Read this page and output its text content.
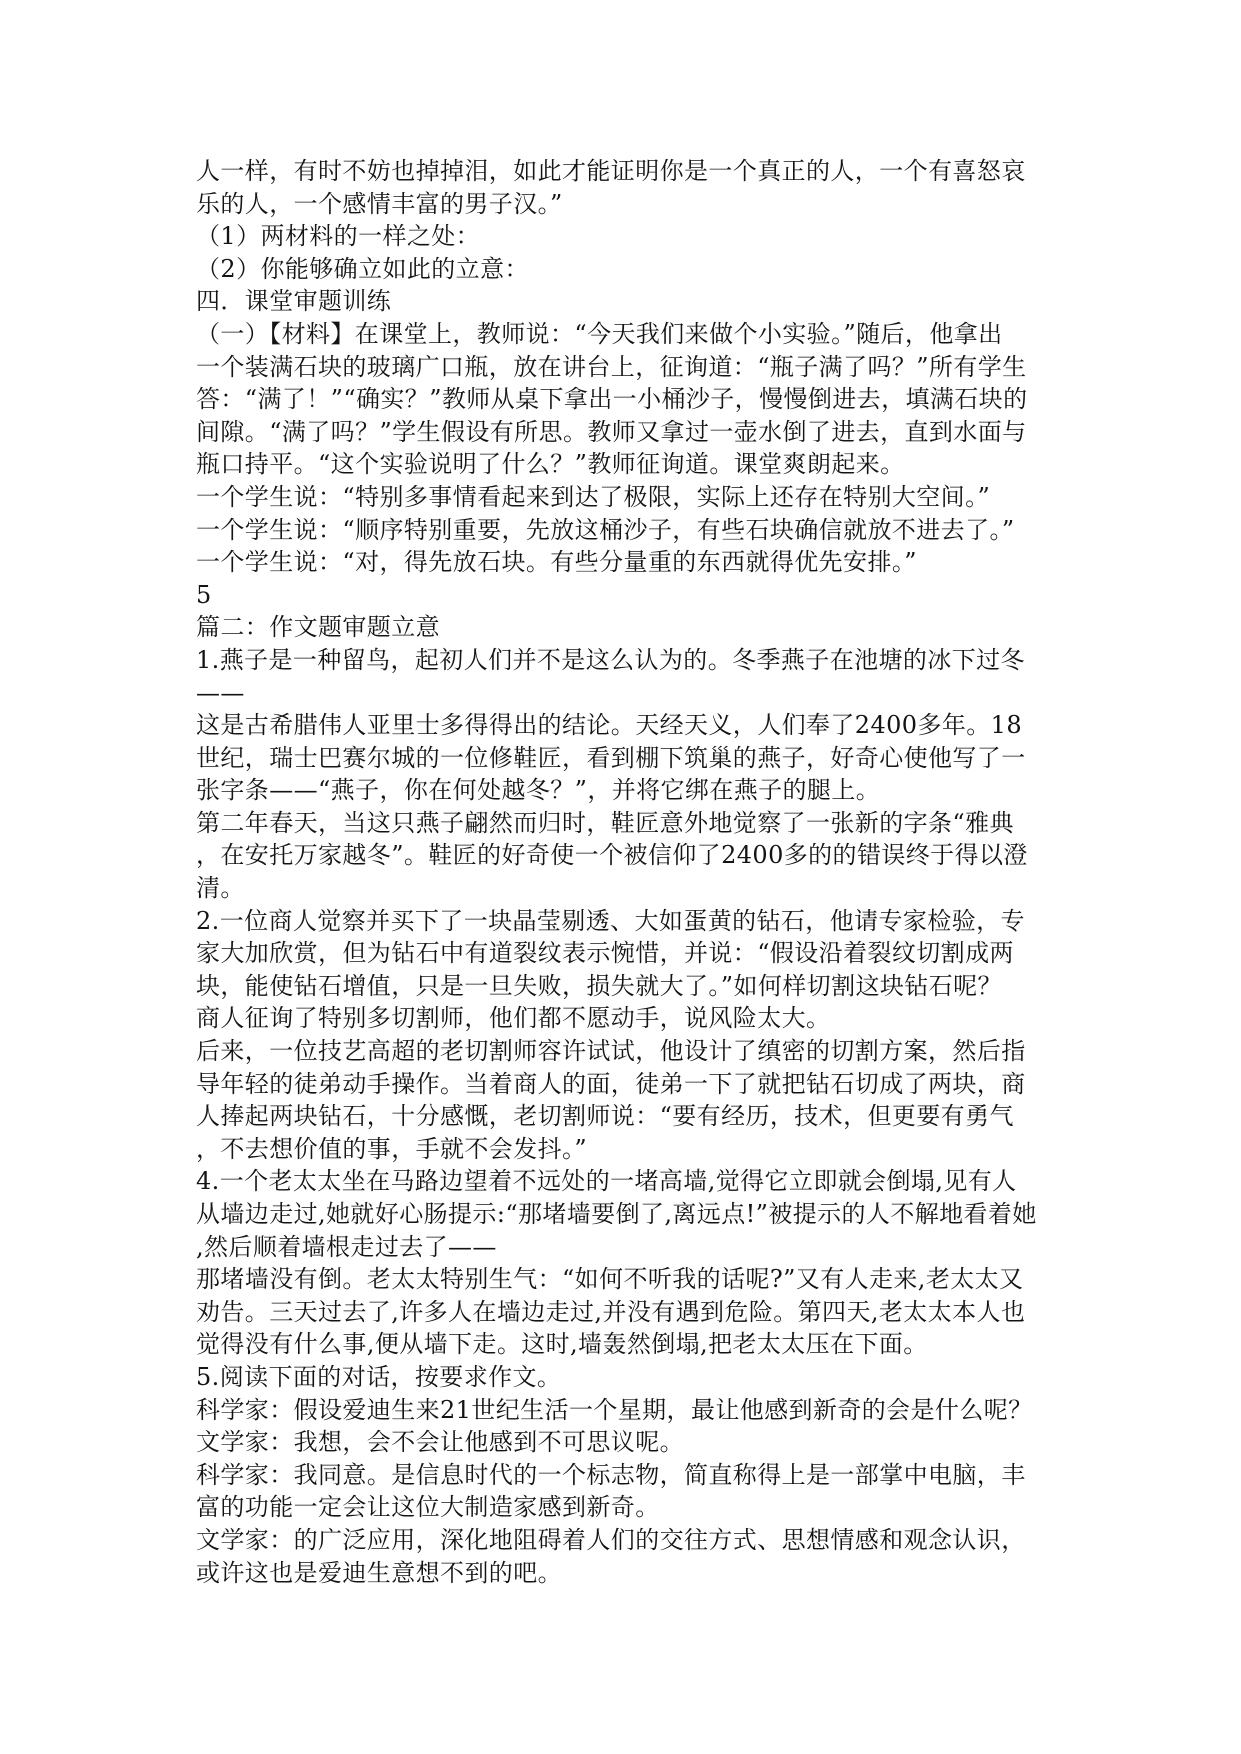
人一样，有时不妨也掉掉泪，如此才能证明你是一个真正的人，一个有喜怒哀
乐的人，一个感情丰富的男子汉。”
（1）两材料的一样之处：
（2）你能够确立如此的立意：
四．课堂审题训练
（一）【材料】在课堂上，教师说：“今天我们来做个小实验。”随后，他拿出
一个装满石块的玻璃广口瓶，放在讲台上，征询道：“瓶子满了吗？”所有学生
答：“满了！”“确实？”教师从桌下拿出一小桶沙子，慢慢倒进去，填满石块的
间隙。“满了吗？”学生假设有所思。教师又拿过一壶水倒了进去，直到水面与
瓶口持平。“这个实验说明了什么？”教师征询道。课堂爽朗起来。
一个学生说：“特别多事情看起来到达了极限，实际上还存在特别大空间。”
一个学生说：“顺序特别重要，先放这桶沙子，有些石块确信就放不进去了。”
一个学生说：“对，得先放石块。有些分量重的东西就得优先安排。”
5
篇二：作文题审题立意
1.燕子是一种留鸟，起初人们并不是这么认为的。冬季燕子在池塘的冰下过冬
——
这是古希腊伟人亚里士多得得出的结论。天经天义，人们奉了2400多年。18
世纪，瑞士巴赛尔城的一位修鞋匠，看到棚下筑巢的燕子，好奇心使他写了一
张字条——“燕子，你在何处越冬？”，并将它绑在燕子的腿上。
第二年春天，当这只燕子翩然而归时，鞋匠意外地觉察了一张新的字条“雅典
，在安托万家越冬”。鞋匠的好奇使一个被信仰了2400多的的错误终于得以澄
清。
2.一位商人觉察并买下了一块晶莹剔透、大如蛋黄的钻石，他请专家检验，专
家大加欣赏，但为钻石中有道裂纹表示惋惜，并说：“假设沿着裂纹切割成两
块，能使钻石增值，只是一旦失败，损失就大了。”如何样切割这块钻石呢？
商人征询了特别多切割师，他们都不愿动手，说风险太大。
后来，一位技艺高超的老切割师容许试试，他设计了缜密的切割方案，然后指
导年轻的徒弟动手操作。当着商人的面，徒弟一下了就把钻石切成了两块，商
人捧起两块钻石，十分感慨，老切割师说：“要有经历，技术，但更要有勇气
，不去想价值的事，手就不会发抖。”
4.一个老太太坐在马路边望着不远处的一堵高墙,觉得它立即就会倒塌,见有人
从墙边走过,她就好心肠提示:“那堵墙要倒了,离远点!”被提示的人不解地看着她
,然后顺着墙根走过去了——
那堵墙没有倒。老太太特别生气：“如何不听我的话呢?”又有人走来,老太太又
劝告。三天过去了,许多人在墙边走过,并没有遇到危险。第四天,老太太本人也
觉得没有什么事,便从墙下走。这时,墙轰然倒塌,把老太太压在下面。
5.阅读下面的对话，按要求作文。
科学家：假设爱迪生来21世纪生活一个星期，最让他感到新奇的会是什么呢？
文学家：我想，会不会让他感到不可思议呢。
科学家：我同意。是信息时代的一个标志物，简直称得上是一部掌中电脑，丰
富的功能一定会让这位大制造家感到新奇。
文学家：的广泛应用，深化地阻碍着人们的交往方式、思想情感和观念认识，
或许这也是爱迪生意想不到的吧。
